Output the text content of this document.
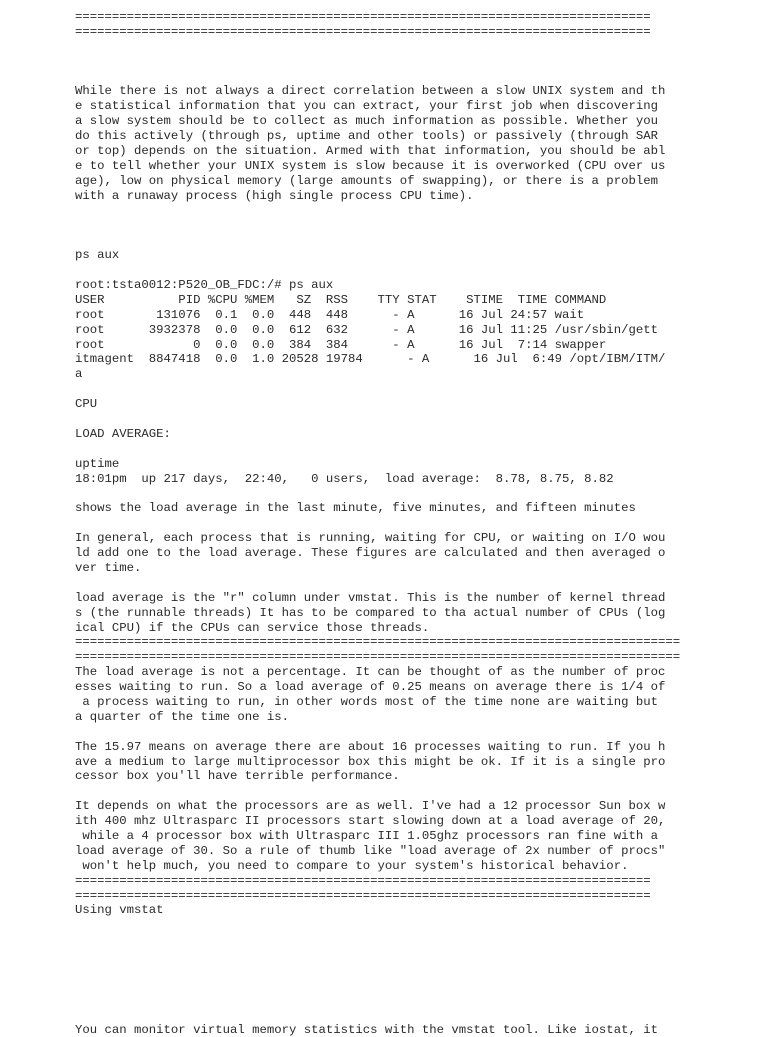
==============================================================================
==============================================================================
While there is not always a direct correlation between a slow UNIX system and th
e statistical information that you can extract, your first job when discovering
a slow system should be to collect as much information as possible. Whether you
do this actively (through ps, uptime and other tools) or passively (through SAR
or top) depends on the situation. Armed with that information, you should be abl
e to tell whether your UNIX system is slow because it is overworked (CPU over us
age), low on physical memory (large amounts of swapping), or there is a problem
with a runaway process (high single process CPU time).
ps aux
root:tsta0012:P520_OB_FDC:/# ps aux
USER          PID %CPU %MEM   SZ  RSS    TTY STAT    STIME  TIME COMMAND
root       131076  0.1  0.0  448  448      - A      16 Jul 24:57 wait
root      3932378  0.0  0.0  612  632      - A      16 Jul 11:25 /usr/sbin/gett
root            0  0.0  0.0  384  384      - A      16 Jul  7:14 swapper
itmagent  8847418  0.0  1.0 20528 19784      - A      16 Jul  6:49 /opt/IBM/ITM/
a
CPU
LOAD AVERAGE:
uptime
18:01pm  up 217 days,  22:40,   0 users,  load average:  8.78, 8.75, 8.82
shows the load average in the last minute, five minutes, and fifteen minutes
In general, each process that is running, waiting for CPU, or waiting on I/O wou
ld add one to the load average. These figures are calculated and then averaged o
ver time.
load average is the "r" column under vmstat. This is the number of kernel thread
s (the runnable threads) It has to be compared to tha actual number of CPUs (log
ical CPU) if the CPUs can service those threads.
==================================================================================
==================================================================================
The load average is not a percentage. It can be thought of as the number of proc
esses waiting to run. So a load average of 0.25 means on average there is 1/4 of
a process waiting to run, in other words most of the time none are waiting but
a quarter of the time one is.
The 15.97 means on average there are about 16 processes waiting to run. If you h
ave a medium to large multiprocessor box this might be ok. If it is a single pro
cessor box you'll have terrible performance.
It depends on what the processors are as well. I've had a 12 processor Sun box w
ith 400 mhz Ultrasparc II processors start slowing down at a load average of 20,
while a 4 processor box with Ultrasparc III 1.05ghz processors ran fine with a
load average of 30. So a rule of thumb like "load average of 2x number of procs"
won't help much, you need to compare to your system's historical behavior.
==============================================================================
==============================================================================
Using vmstat
You can monitor virtual memory statistics with the vmstat tool. Like iostat, it
